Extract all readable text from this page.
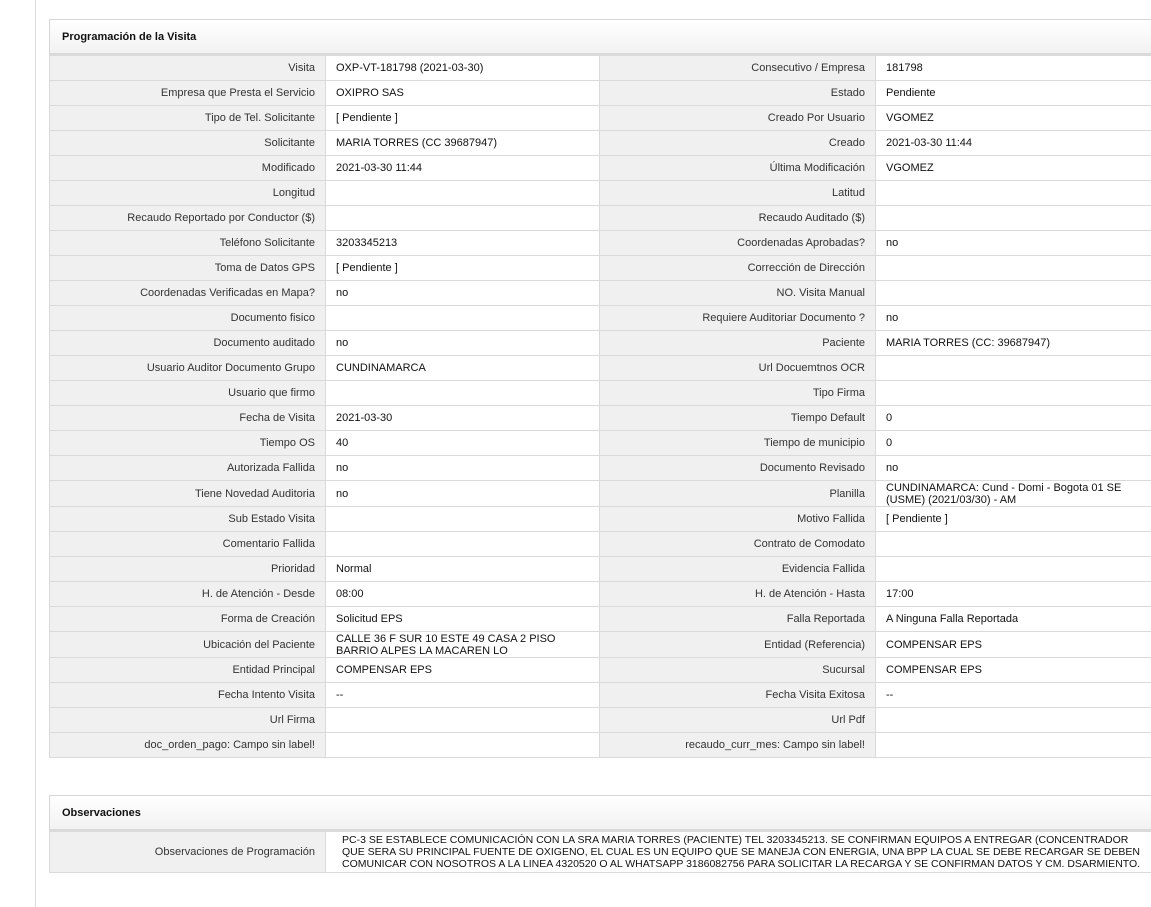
Programación de la Visita
Visita	OXP-VT-181798 (2021-03-30)	Consecutivo / Empresa	181798
Empresa que Presta el Servicio	OXIPRO SAS	Estado	Pendiente
Tipo de Tel. Solicitante	[ Pendiente ]	Creado Por Usuario	VGOMEZ
Solicitante	MARIA TORRES (CC 39687947)	Creado	2021-03-30 11:44
Modificado	2021-03-30 11:44	Última Modificación	VGOMEZ
Longitud		Latitud	
Recaudo Reportado por Conductor ($)		Recaudo Auditado ($)	
Teléfono Solicitante	3203345213	Coordenadas Aprobadas?	no
Toma de Datos GPS	[ Pendiente ]	Corrección de Dirección	
Coordenadas Verificadas en Mapa?	no	NO. Visita Manual	
Documento fisico		Requiere Auditoriar Documento ?	no
Documento auditado	no	Paciente	MARIA TORRES (CC: 39687947)
Usuario Auditor Documento Grupo	CUNDINAMARCA	Url Docuemtnos OCR	
Usuario que firmo		Tipo Firma	
Fecha de Visita	2021-03-30	Tiempo Default	0
Tiempo OS	40	Tiempo de municipio	0
Autorizada Fallida	no	Documento Revisado	no
Tiene Novedad Auditoria	no	Planilla	CUNDINAMARCA: Cund - Domi - Bogota 01 SE (USME) (2021/03/30) - AM
Sub Estado Visita		Motivo Fallida	[ Pendiente ]
Comentario Fallida		Contrato de Comodato	
Prioridad	Normal	Evidencia Fallida	
H. de Atención - Desde	08:00	H. de Atención - Hasta	17:00
Forma de Creación	Solicitud EPS	Falla Reportada	A Ninguna Falla Reportada
Ubicación del Paciente	CALLE 36 F SUR 10 ESTE 49 CASA 2 PISO BARRIO ALPES LA MACAREN LO	Entidad (Referencia)	COMPENSAR EPS
Entidad Principal	COMPENSAR EPS	Sucursal	COMPENSAR EPS
Fecha Intento Visita	--	Fecha Visita Exitosa	--
Url Firma		Url Pdf	
doc_orden_pago: Campo sin label!		recaudo_curr_mes: Campo sin label!	
Observaciones
Observaciones de Programación	
PC-3 SE ESTABLECE COMUNICACIÓN CON LA SRA MARIA TORRES (PACIENTE) TEL 3203345213. SE CONFIRMAN EQUIPOS A ENTREGAR (CONCENTRADOR QUE SERA SU PRINCIPAL FUENTE DE OXIGENO, EL CUAL ES UN EQUIPO QUE SE MANEJA CON ENERGIA, UNA BPP LA CUAL SE DEBE RECARGAR SE DEBEN COMUNICAR CON NOSOTROS A LA LINEA 4320520 O AL WHATSAPP 3186082756 PARA SOLICITAR LA RECARGA Y SE CONFIRMAN DATOS Y CM. DSARMIENTO.
